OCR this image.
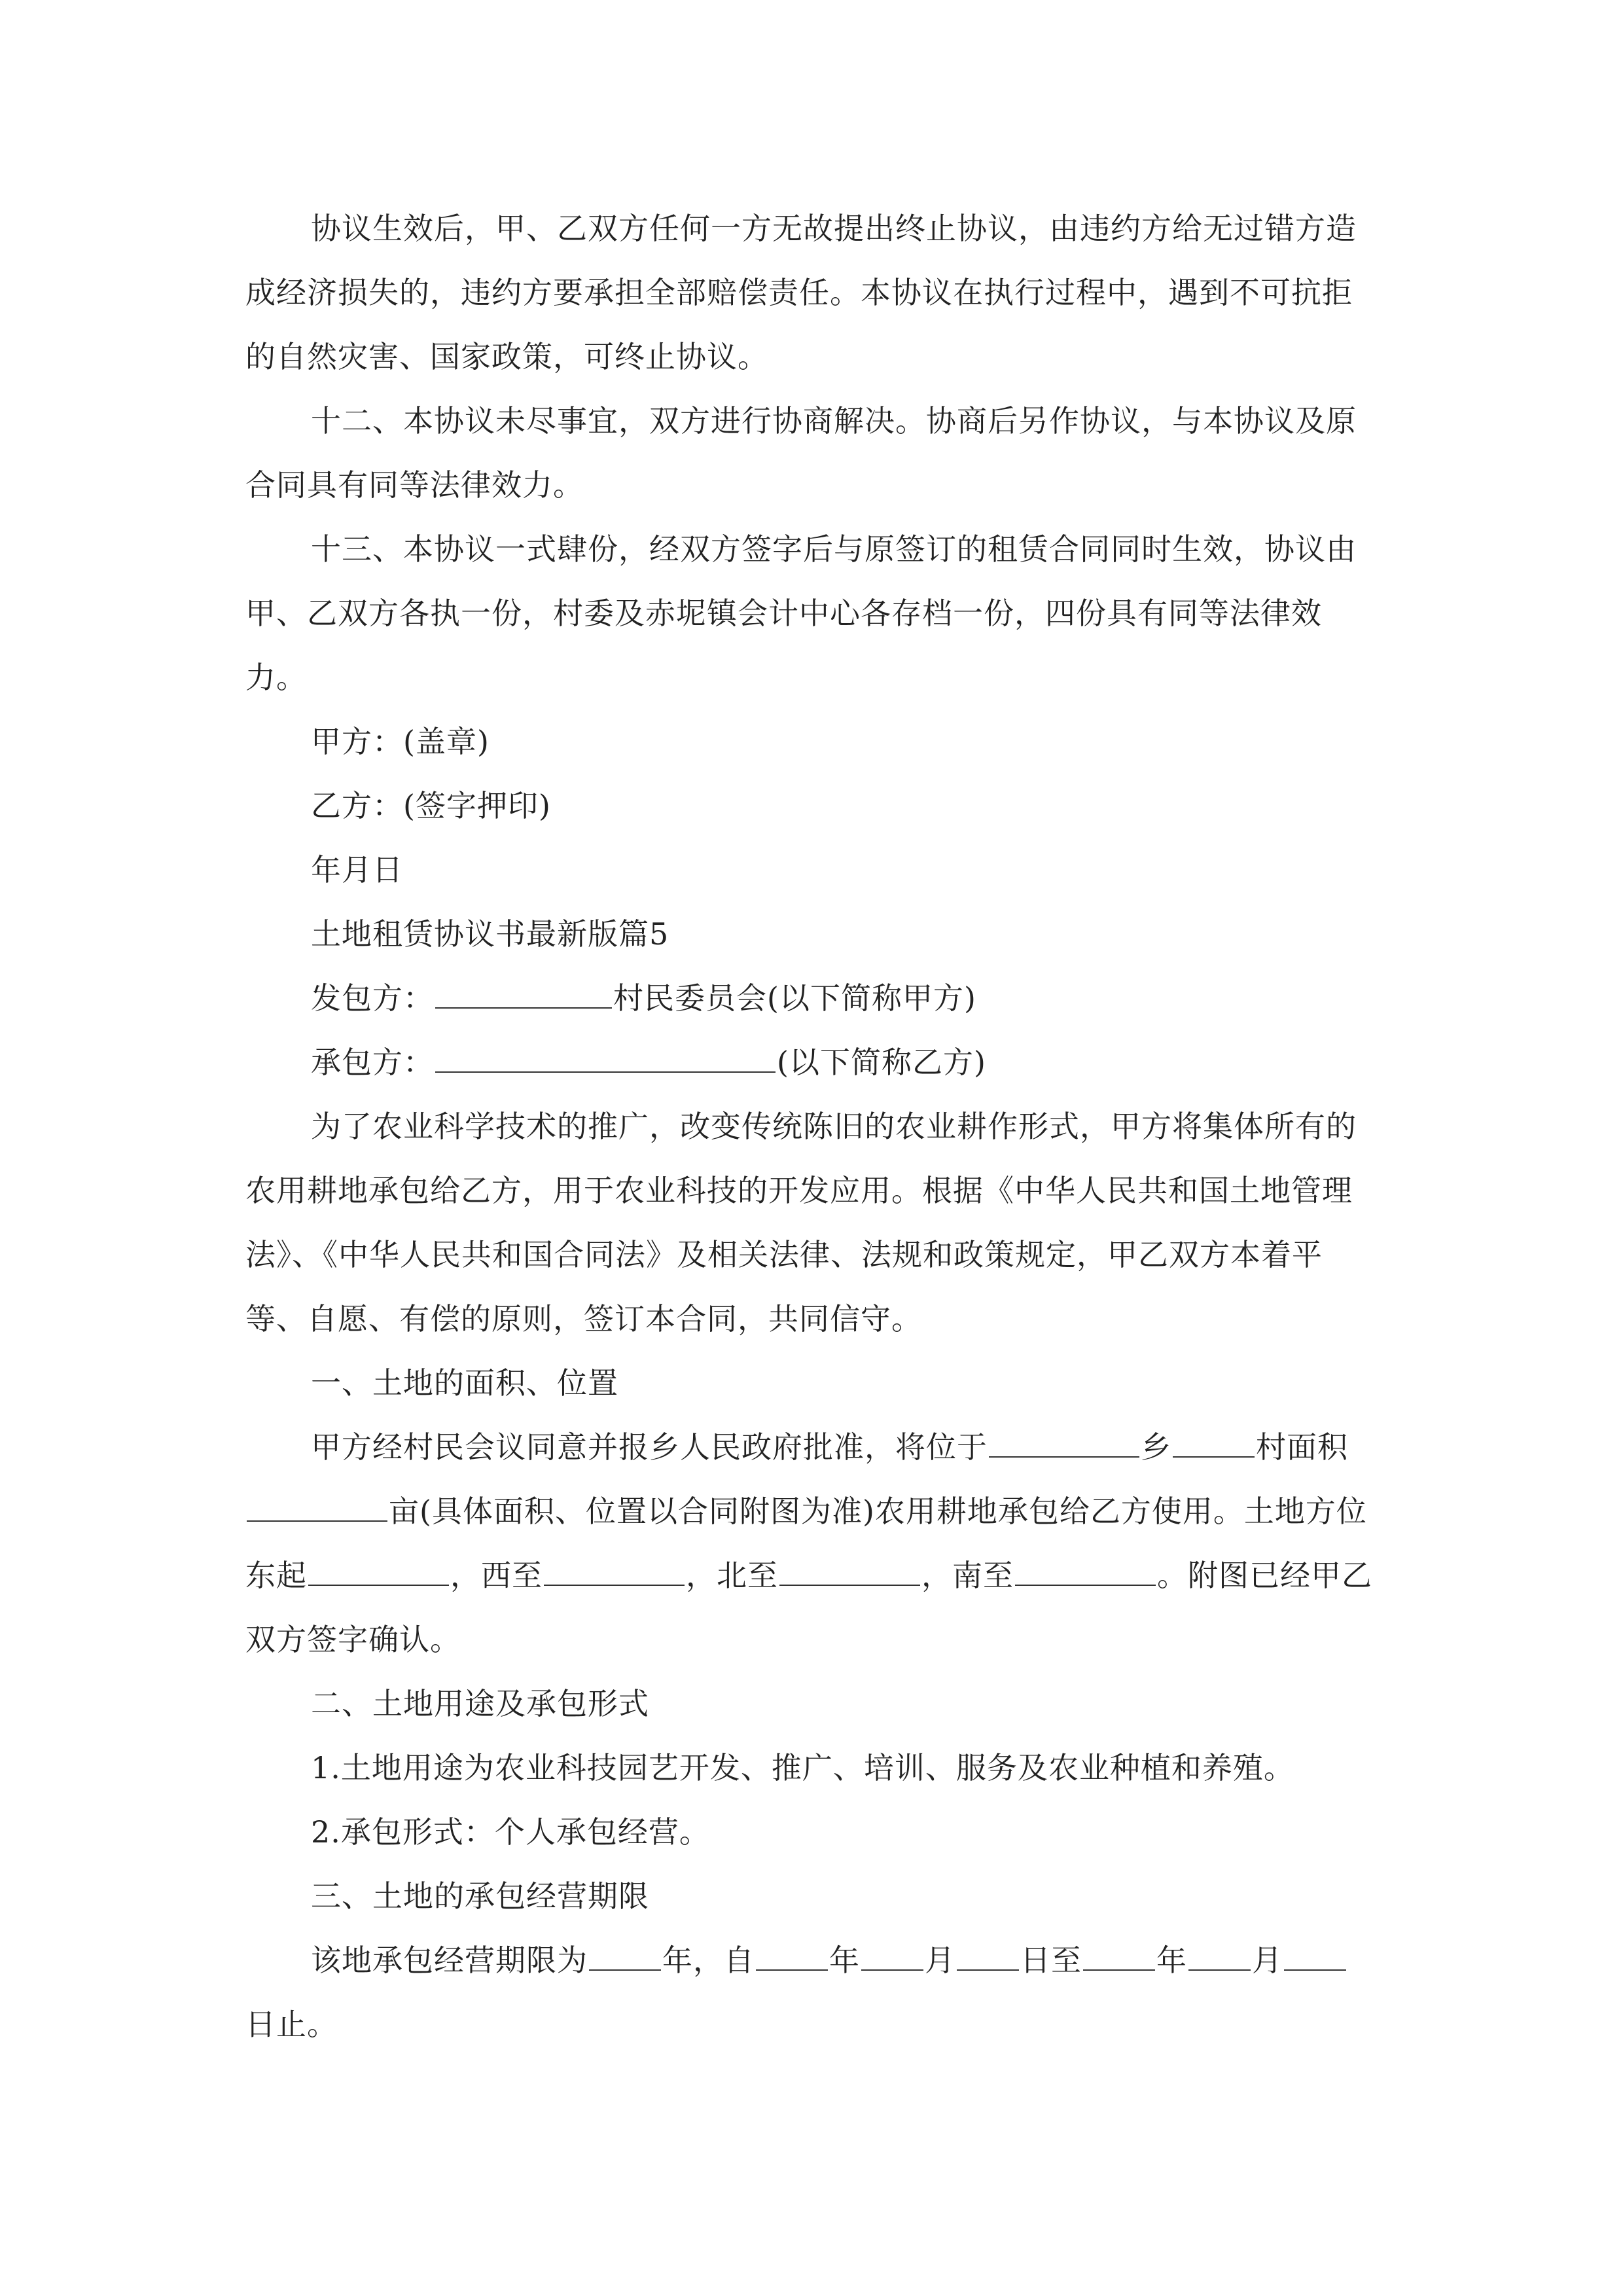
协议生效后，甲、乙双方任何一方无故提出终止协议，由违约方给无过错方造成经济损失的，违约方要承担全部赔偿责任。本协议在执行过程中，遇到不可抗拒的自然灾害、国家政策，可终止协议。

十二、本协议未尽事宜，双方进行协商解决。协商后另作协议，与本协议及原合同具有同等法律效力。

十三、本协议一式肆份，经双方签字后与原签订的租赁合同同时生效，协议由甲、乙双方各执一份，村委及赤坭镇会计中心各存档一份，四份具有同等法律效力。

甲方：(盖章)

乙方：(签字押印)

年月日

土地租赁协议书最新版篇5

发包方：	村民委员会(以下简称甲方)

承包方：	(以下简称乙方)

为了农业科学技术的推广，改变传统陈旧的农业耕作形式，甲方将集体所有的农用耕地承包给乙方，用于农业科技的开发应用。根据《中华人民共和国土地管理法》、《中华人民共和国合同法》及相关法律、法规和政策规定，甲乙双方本着平等、自愿、有偿的原则，签订本合同，共同信守。

一、土地的面积、位置

甲方经村民会议同意并报乡人民政府批准，将位于	乡	村面积亩(具体面积、位置以合同附图为准)农用耕地承包给乙方使用。土地方位东起	，西至	，北至	，南至	。附图已经甲乙双方签字确认。

二、土地用途及承包形式

1.土地用途为农业科技园艺开发、推广、培训、服务及农业种植和养殖。

2.承包形式：个人承包经营。

三、土地的承包经营期限

该地承包经营期限为 年，自 年 月 日至 年 月日止。
